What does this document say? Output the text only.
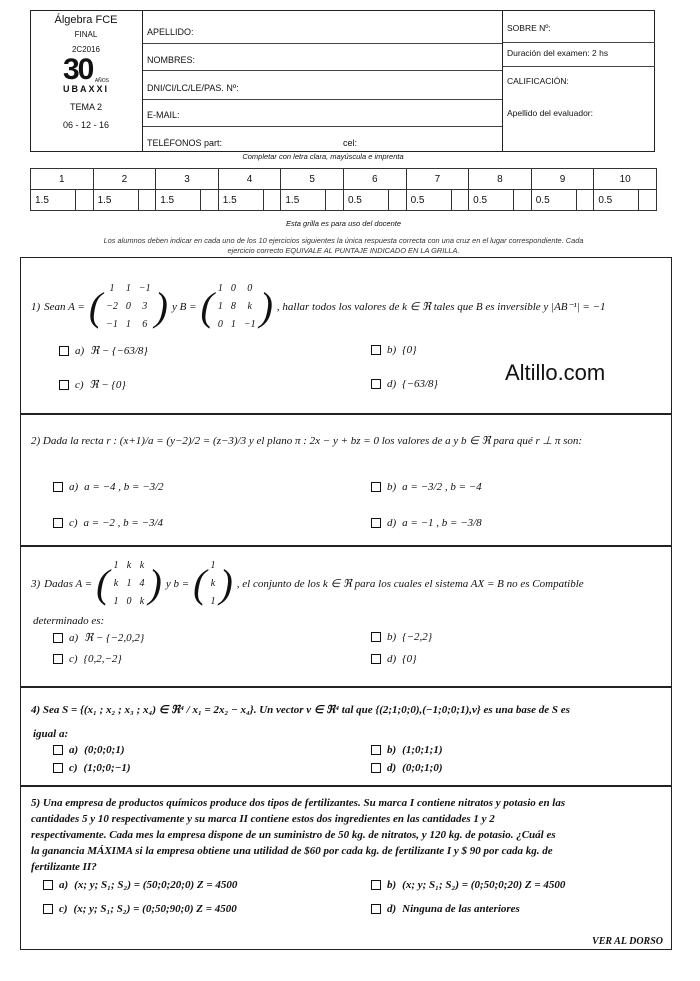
Álgebra FCE
FINAL
2C2016
30 AÑOS
UBAXXI
TEMA 2
06 - 12 - 16
APELLIDO:
NOMBRES:
DNI/CI/LC/LE/PAS. Nº:
E-MAIL:
TELÉFONOS part:	cel:
SOBRE Nº:
Duración del examen: 2 hs
CALIFICACIÓN:
Apellido del evaluador:
Completar con letra clara, mayúscula e imprenta
1		2		3		4		5		6		7		8		9		10	
1.5		1.5		1.5		1.5		1.5		0.5		0.5		0.5		0.5		0.5	
Esta grilla es para uso del docente
Los alumnos deben indicar en cada uno de los 10 ejercicios siguientes la única respuesta correcta con una cruz en el lugar correspondiente. Cada
ejercicio correcto EQUIVALE AL PUNTAJE INDICADO EN LA GRILLA.
1) Sean A = ( 1	1	−1
−2	0	3
−1	1	6 ) y B = ( 1	0	0
1	8	k
0	1	−1 ) , hallar todos los valores de k ∈ ℜ tales que B es inversible y |AB⁻¹| = −1
a) ℜ − {−63/8}	b) {0}
c) ℜ − {0}	d) {−63/8}	Altillo.com
2) Dada la recta r : (x+1)/a = (y−2)/2 = (z−3)/3 y el plano π : 2x − y + bz = 0 los valores de a y b ∈ ℜ para qué r ⊥ π son:
a) a = −4 , b = −3/2	b) a = −3/2 , b = −4
c) a = −2 , b = −3/4	d) a = −1 , b = −3/8
3) Dadas A = ( 1	k	k
k	1	4
1	0	k ) y b = ( 1
k
1 ) , el conjunto de los k ∈ ℜ para los cuales el sistema AX = B no es Compatible
determinado es:
a) ℜ − {−2,0,2}	b) {−2,2}
c) {0,2,−2}	d) {0}
4) Sea S = {(x₁ ; x₂ ; x₃ ; x₄) ∈ ℜ⁴ / x₁ = 2x₂ − x₄}. Un vector v ∈ ℜ⁴ tal que {(2;1;0;0),(−1;0;0;1),v} es una base de S es
igual a:
a) (0;0;0;1)	b) (1;0;1;1)
c) (1;0;0;−1)	d) (0;0;1;0)
5) Una empresa de productos químicos produce dos tipos de fertilizantes. Su marca I contiene nitratos y potasio en las
cantidades 5 y 10 respectivamente y su marca II contiene estos dos ingredientes en las cantidades 1 y 2
respectivamente. Cada mes la empresa dispone de un suministro de 50 kg. de nitratos, y 120 kg. de potasio. ¿Cuál es
la ganancia MÁXIMA si la empresa obtiene una utilidad de $60 por cada kg. de fertilizante I y $ 90 por cada kg. de
fertilizante II?
a) (x; y; S₁; S₂) = (50;0;20;0) Z = 4500	b) (x; y; S₁; S₂) = (0;50;0;20) Z = 4500
c) (x; y; S₁; S₂) = (0;50;90;0) Z = 4500	d) Ninguna de las anteriores
VER AL DORSO
